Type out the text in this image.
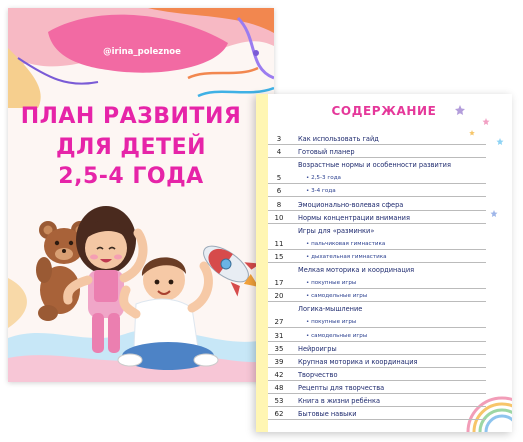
@irina_poleznoe
ПЛАН РАЗВИТИЯ
ДЛЯ ДЕТЕЙ
2,5-4 ГОДА
СОДЕРЖАНИЕ
3	Как использовать гайд
4	Готовый планер
Возрастные нормы и особенности развития
5	• 2,5-3 года
6	• 3-4 года
8	Эмоционально-волевая сфера
10	Нормы концентрации внимания
Игры для «разминки»
11	• пальчиковая гимнастика
15	• дыхательная гимнастика
Мелкая моторика и координация
17	• покупные игры
20	• самодельные игры
Логика-мышление
27	• покупные игры
31	• самодельные игры
35	Нейроигры
39	Крупная моторика и координация
42	Творчество
48	Рецепты для творчества
53	Книга в жизни ребёнка
62	Бытовые навыки
